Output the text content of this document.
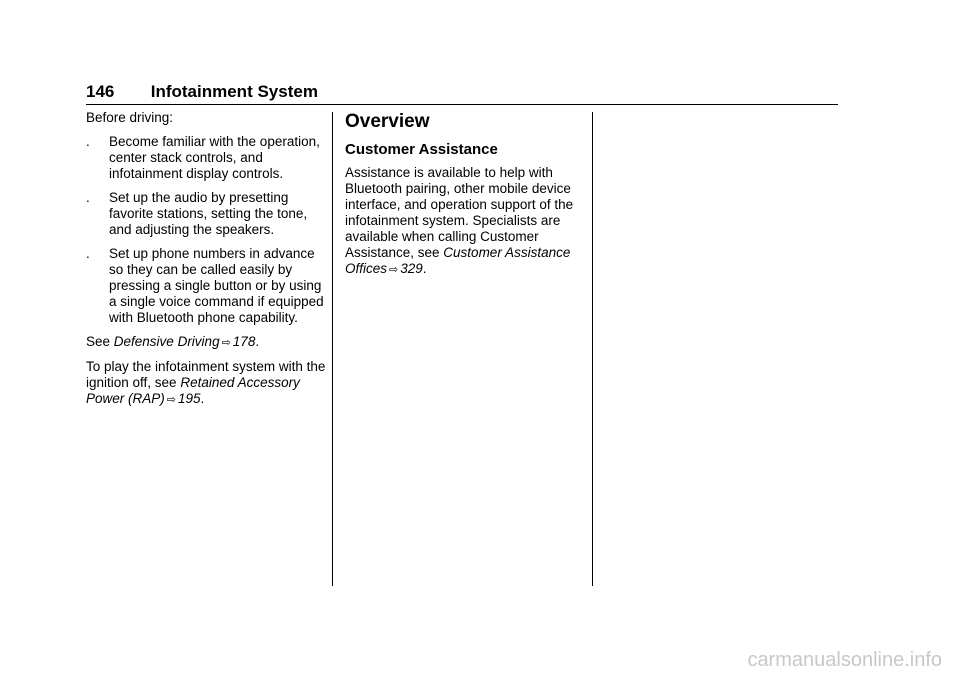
146 Infotainment System

Before driving:

. Become familiar with the operation, center stack controls, and infotainment display controls.
. Set up the audio by presetting favorite stations, setting the tone, and adjusting the speakers.
. Set up phone numbers in advance so they can be called easily by pressing a single button or by using a single voice command if equipped with Bluetooth phone capability.

See Defensive Driving ⇨ 178.

To play the infotainment system with the ignition off, see Retained Accessory Power (RAP) ⇨ 195.

Overview
Customer Assistance

Assistance is available to help with Bluetooth pairing, other mobile device interface, and operation support of the infotainment system. Specialists are available when calling Customer Assistance, see Customer Assistance Offices ⇨ 329.

carmanualsonline.info
